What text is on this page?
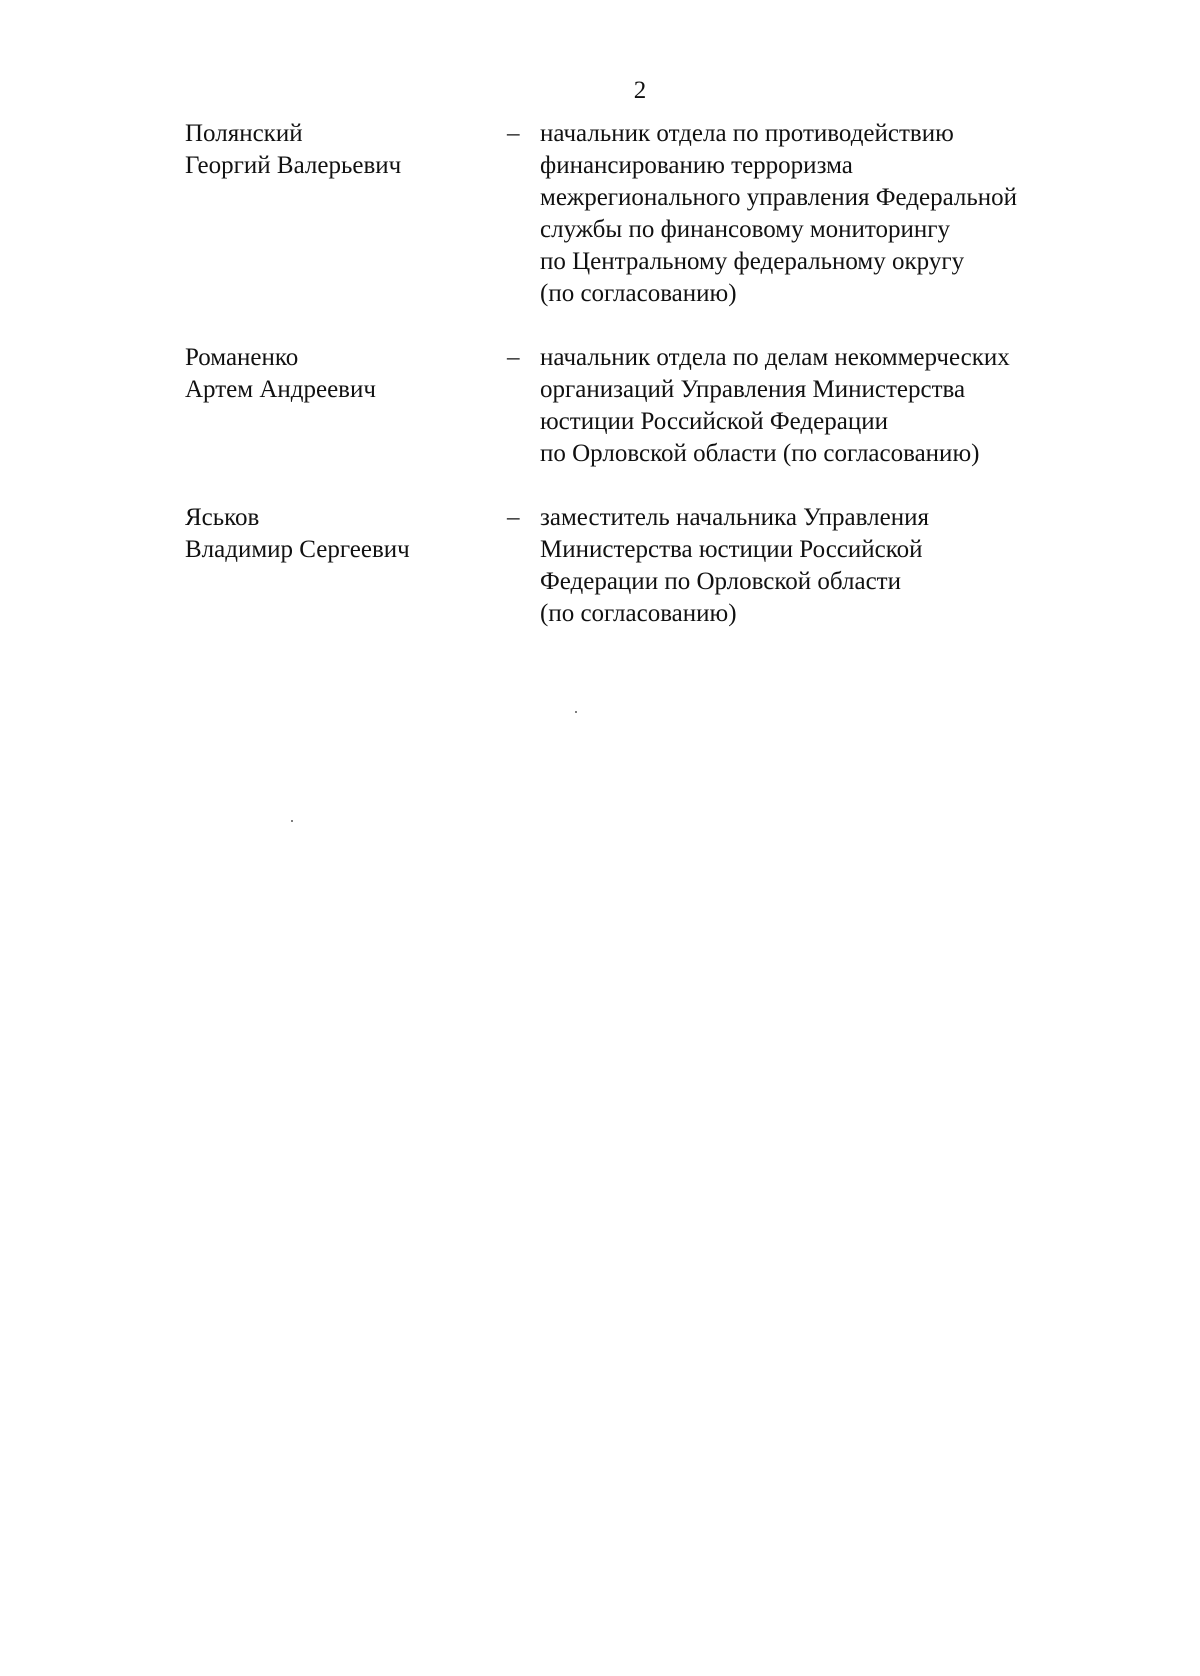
2
Полянский
Георгий Валерьевич
– начальник отдела по противодействию
финансированию терроризма
межрегионального управления Федеральной
службы по финансовому мониторингу
по Центральному федеральному округу
(по согласованию)
Романенко
Артем Андреевич
– начальник отдела по делам некоммерческих
организаций Управления Министерства
юстиции Российской Федерации
по Орловской области (по согласованию)
Яськов
Владимир Сергеевич
– заместитель начальника Управления
Министерства юстиции Российской
Федерации по Орловской области
(по согласованию)
